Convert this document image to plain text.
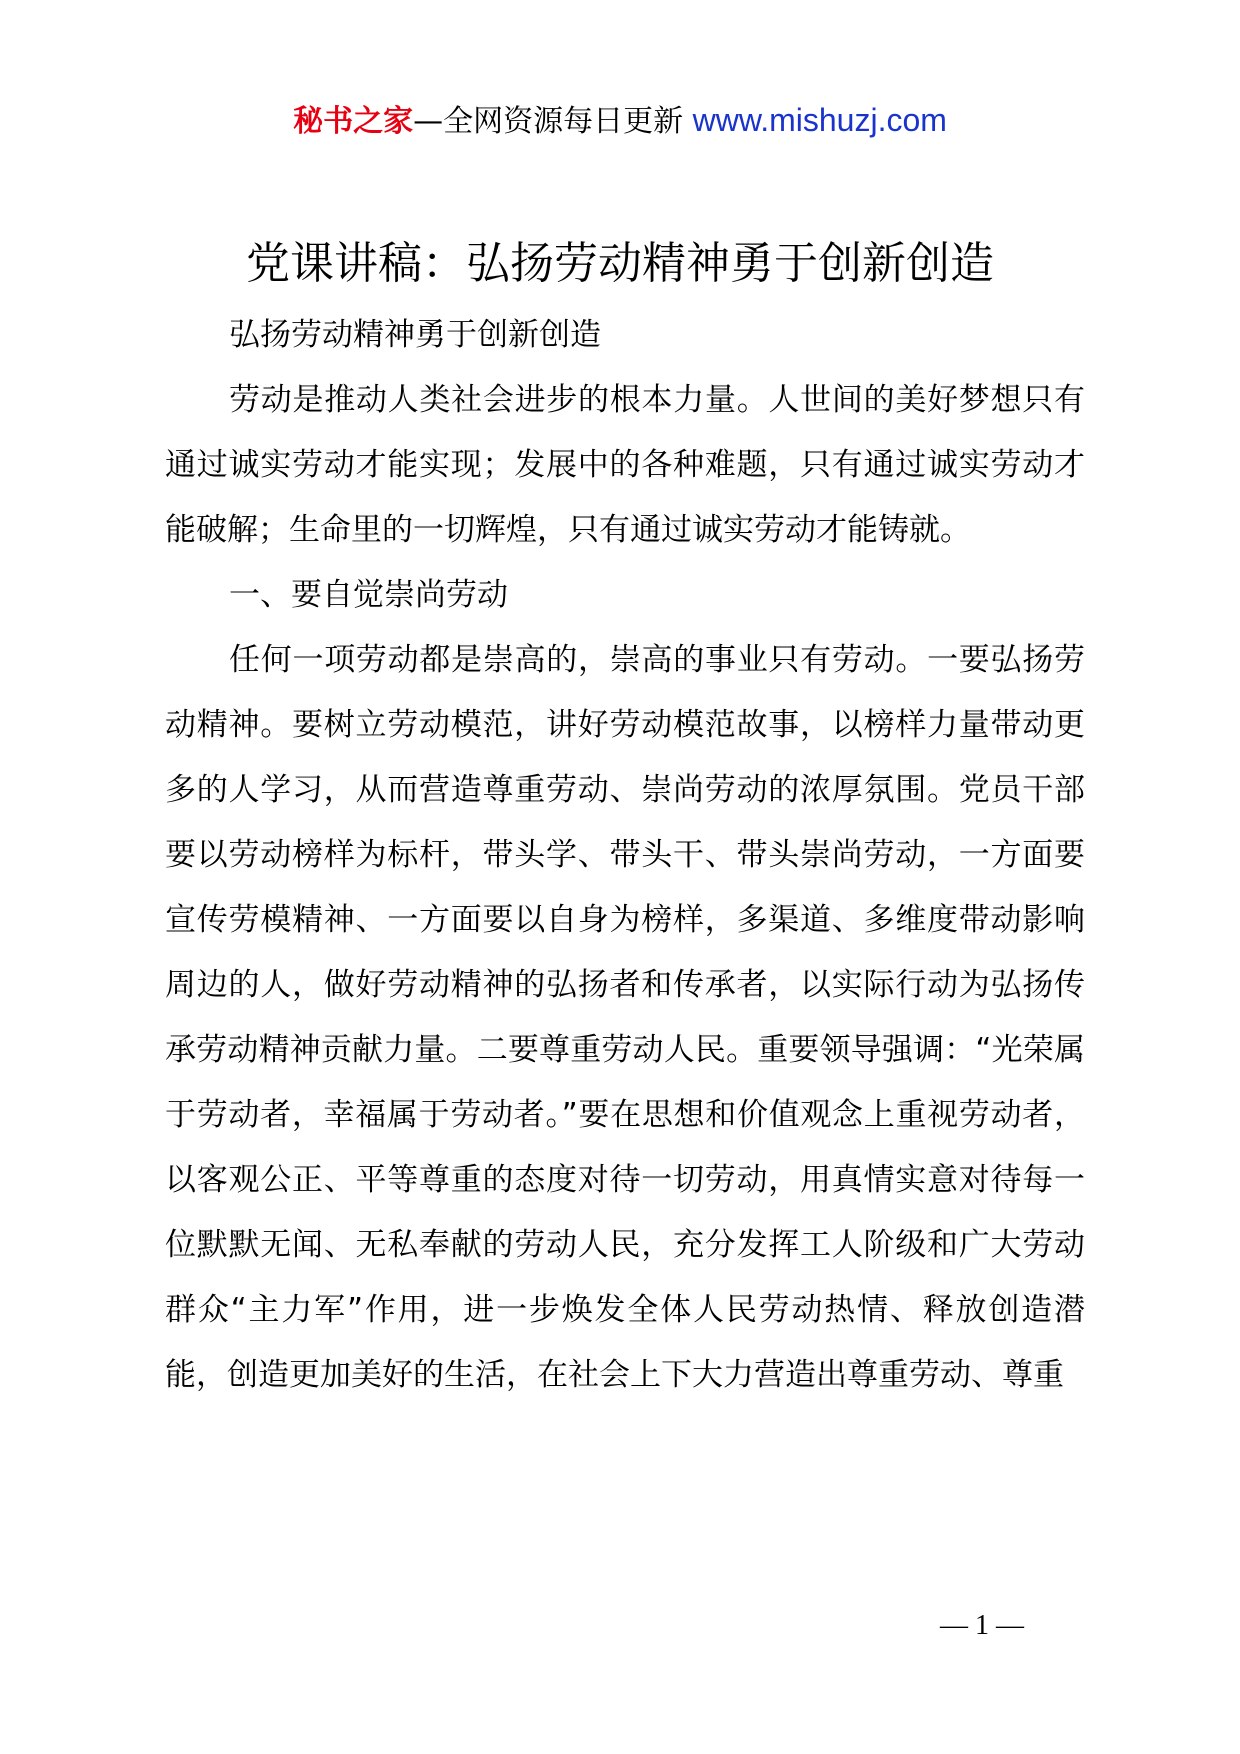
秘书之家—全网资源每日更新 www.mishuzj.com
党课讲稿：弘扬劳动精神勇于创新创造

弘扬劳动精神勇于创新创造

劳动是推动人类社会进步的根本力量。人世间的美好梦想只有通过诚实劳动才能实现；发展中的各种难题，只有通过诚实劳动才能破解；生命里的一切辉煌，只有通过诚实劳动才能铸就。

一、要自觉崇尚劳动

任何一项劳动都是崇高的，崇高的事业只有劳动。一要弘扬劳动精神。要树立劳动模范，讲好劳动模范故事，以榜样力量带动更多的人学习，从而营造尊重劳动、崇尚劳动的浓厚氛围。党员干部要以劳动榜样为标杆，带头学、带头干、带头崇尚劳动，一方面要宣传劳模精神、一方面要以自身为榜样，多渠道、多维度带动影响周边的人，做好劳动精神的弘扬者和传承者，以实际行动为弘扬传承劳动精神贡献力量。二要尊重劳动人民。重要领导强调：“光荣属于劳动者，幸福属于劳动者。”要在思想和价值观念上重视劳动者，以客观公正、平等尊重的态度对待一切劳动，用真情实意对待每一位默默无闻、无私奉献的劳动人民，充分发挥工人阶级和广大劳动群众“主力军”作用，进一步焕发全体人民劳动热情、释放创造潜能，创造更加美好的生活，在社会上下大力营造出尊重劳动、尊重

— 1 —
